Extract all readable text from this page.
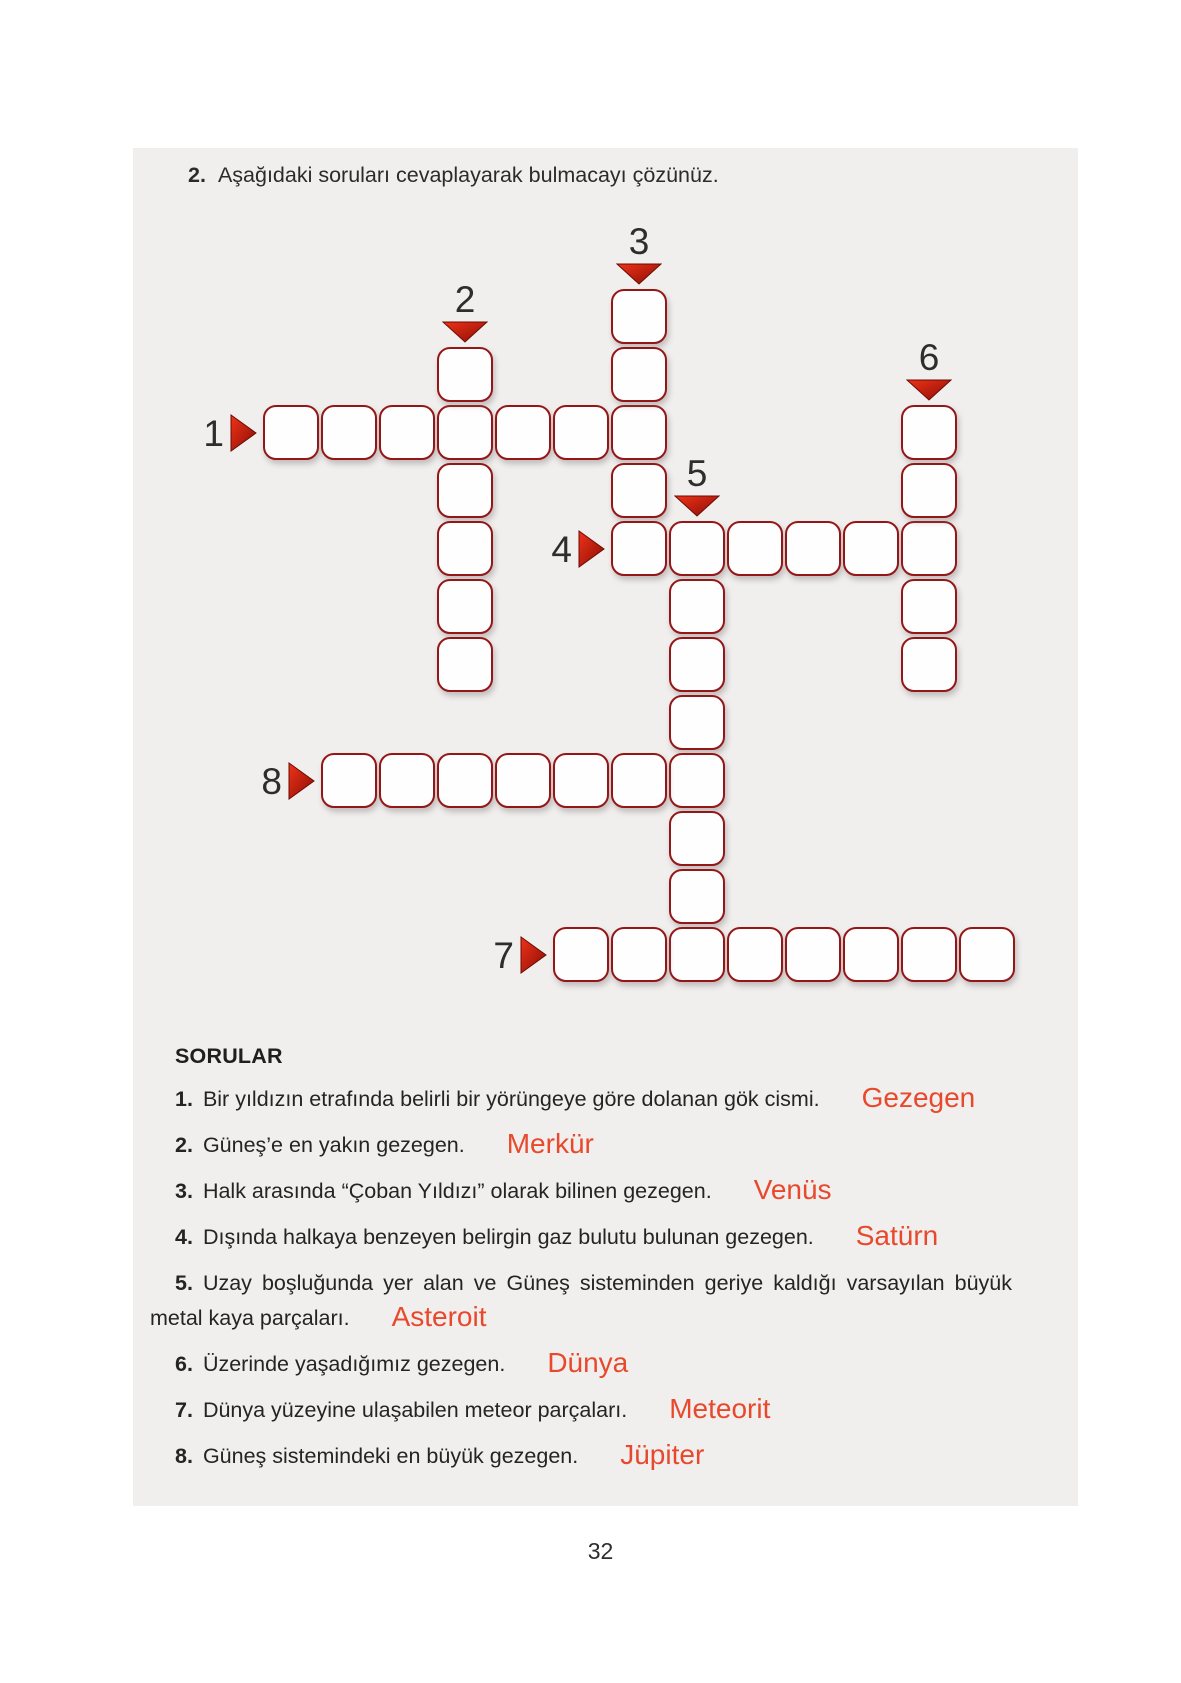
2. Aşağıdaki soruları cevaplayarak bulmacayı çözünüz.
1
2
3
4
5
6
7
8
SORULAR

1. Bir yıldızın etrafında belirli bir yörüngeye göre dolanan gök cismi. Gezegen

2. Güneş’e en yakın gezegen. Merkür

3. Halk arasında “Çoban Yıldızı” olarak bilinen gezegen. Venüs

4. Dışında halkaya benzeyen belirgin gaz bulutu bulunan gezegen. Satürn

5. Uzay boşluğunda yer alan ve Güneş sisteminden geriye kaldığı varsayılan büyük metal kaya parçaları. Asteroit

6. Üzerinde yaşadığımız gezegen. Dünya

7. Dünya yüzeyine ulaşabilen meteor parçaları. Meteorit

8. Güneş sistemindeki en büyük gezegen. Jüpiter

32
